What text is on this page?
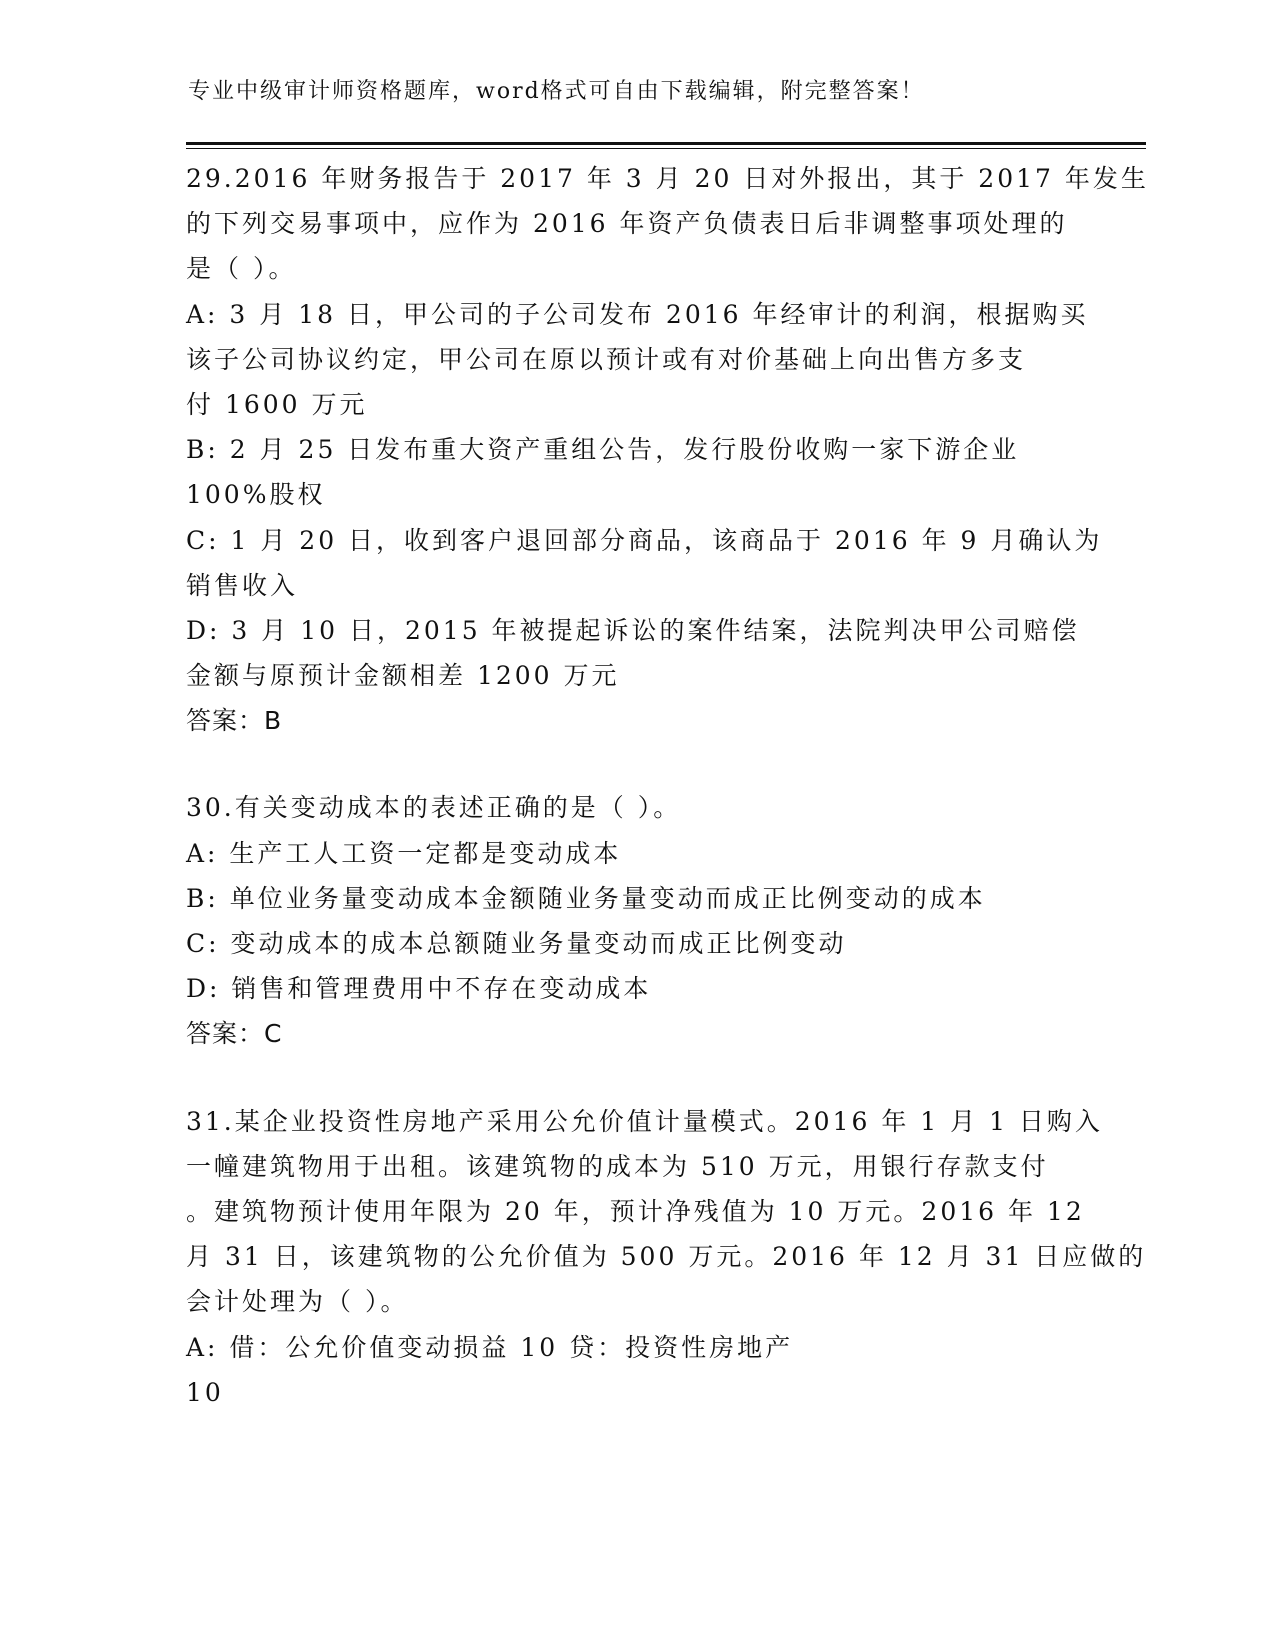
专业中级审计师资格题库，word格式可自由下载编辑，附完整答案！
29.2016 年财务报告于 2017 年 3 月 20 日对外报出，其于 2017 年发生
的下列交易事项中，应作为 2016 年资产负债表日后非调整事项处理的
是（ ）。
A: 3 月 18 日，甲公司的子公司发布 2016 年经审计的利润，根据购买
该子公司协议约定，甲公司在原以预计或有对价基础上向出售方多支
付 1600 万元
B: 2 月 25 日发布重大资产重组公告，发行股份收购一家下游企业
100%股权
C: 1 月 20 日，收到客户退回部分商品，该商品于 2016 年 9 月确认为
销售收入
D: 3 月 10 日，2015 年被提起诉讼的案件结案，法院判决甲公司赔偿
金额与原预计金额相差 1200 万元
答案：B
30.有关变动成本的表述正确的是（ ）。
A: 生产工人工资一定都是变动成本
B: 单位业务量变动成本金额随业务量变动而成正比例变动的成本
C: 变动成本的成本总额随业务量变动而成正比例变动
D: 销售和管理费用中不存在变动成本
答案：C
31.某企业投资性房地产采用公允价值计量模式。2016 年 1 月 1 日购入
一幢建筑物用于出租。该建筑物的成本为 510 万元，用银行存款支付
。建筑物预计使用年限为 20 年，预计净残值为 10 万元。2016 年 12
月 31 日，该建筑物的公允价值为 500 万元。2016 年 12 月 31 日应做的
会计处理为（ ）。
A: 借：公允价值变动损益 10 贷：投资性房地产
10
